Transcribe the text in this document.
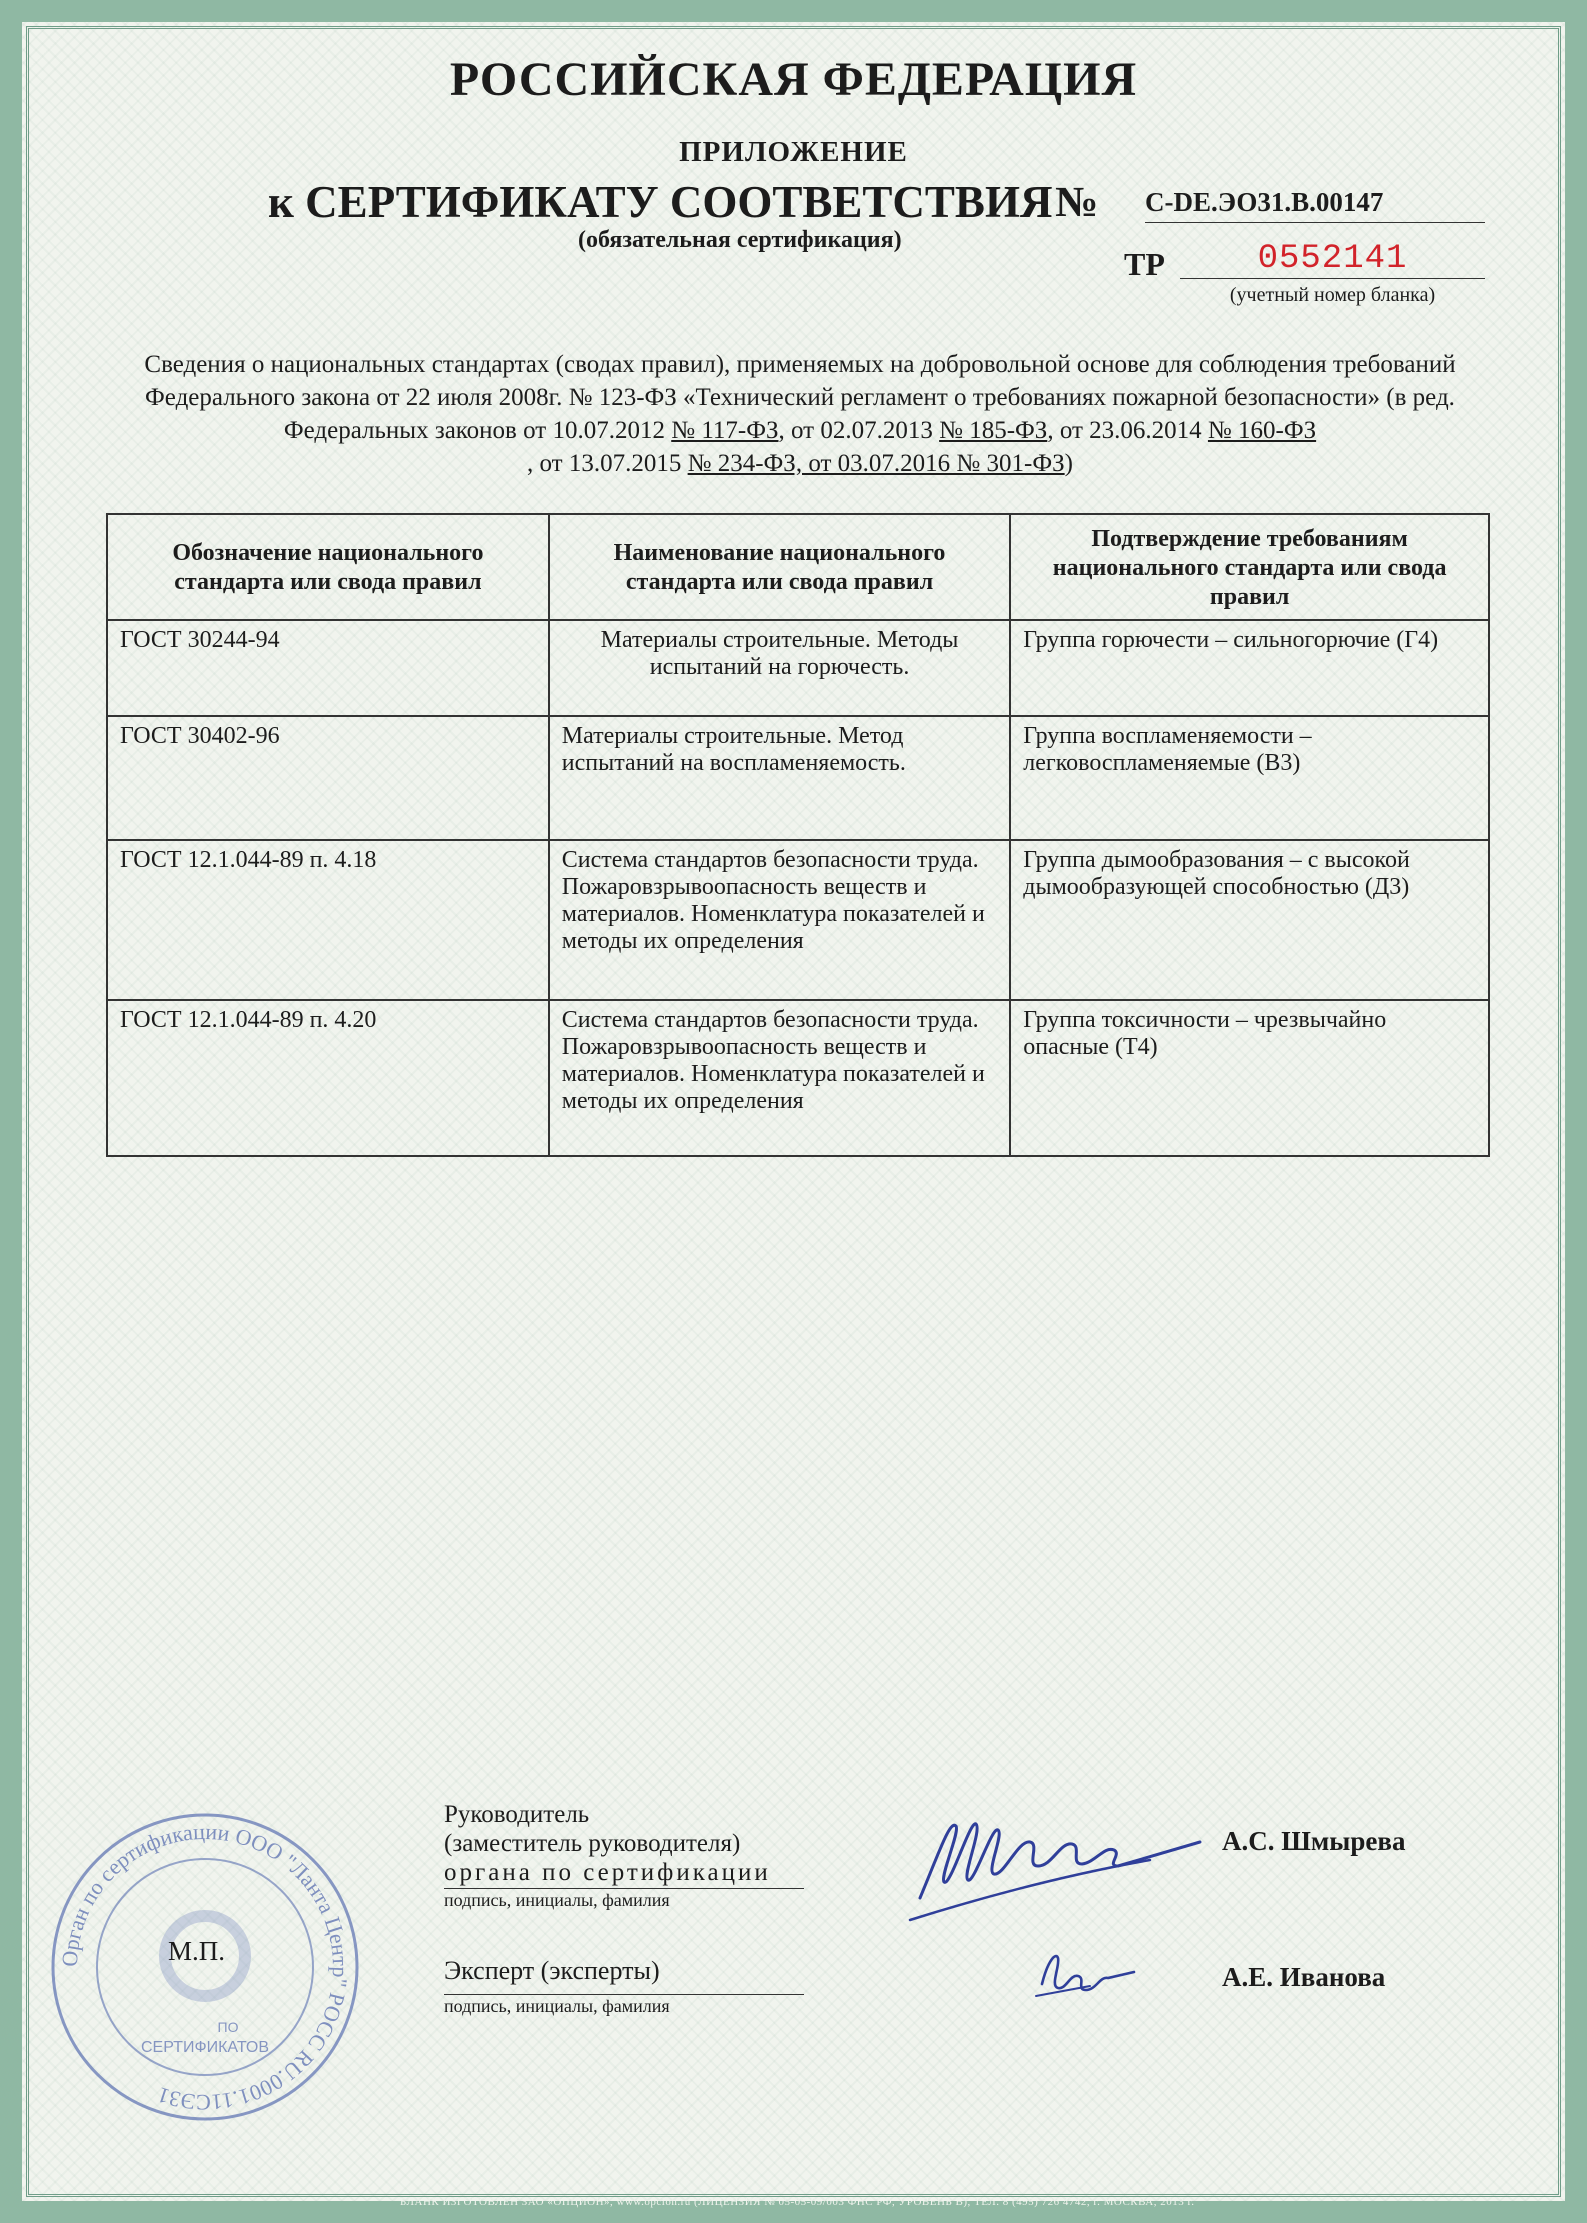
РОССИЙСКАЯ ФЕДЕРАЦИЯ
ПРИЛОЖЕНИЕ
к СЕРТИФИКАТУ СООТВЕТСТВИЯ № C-DE.ЭО31.В.00147
(обязательная сертификация)
ТР	0552141
(учетный номер бланка)
Сведения о национальных стандартах (сводах правил), применяемых на добровольной основе для соблюдения требований Федерального закона от 22 июля 2008г. № 123-ФЗ «Технический регламент о требованиях пожарной безопасности» (в ред. Федеральных законов от 10.07.2012 № 117-ФЗ, от 02.07.2013 № 185-ФЗ, от 23.06.2014 № 160-ФЗ
, от 13.07.2015 № 234-ФЗ, от 03.07.2016 № 301-ФЗ)
Обозначение национального стандарта или свода правил	Наименование национального стандарта или свода правил	Подтверждение требованиям национального стандарта или свода правил
ГОСТ 30244-94	Материалы строительные. Методы испытаний на горючесть.	Группа горючести – сильногорючие (Г4)
ГОСТ 30402-96	Материалы строительные. Метод испытаний на воспламеняемость.	Группа воспламеняемости – легковоспламеняемые (В3)
ГОСТ 12.1.044-89 п. 4.18	Система стандартов безопасности труда. Пожаровзрывоопасность веществ и материалов. Номенклатура показателей и методы их определения	Группа дымообразования – с высокой дымообразующей способностью (Д3)
ГОСТ 12.1.044-89 п. 4.20	Система стандартов безопасности труда. Пожаровзрывоопасность веществ и материалов. Номенклатура показателей и методы их определения	Группа токсичности – чрезвычайно опасные (Т4)
Орган по сертификации ООО "Ланта Центр" РОСС RU.0001.11СЭ31
ПО
СЕРТИФИКАТОВ
М.П.
Руководитель
(заместитель руководителя)
органа по сертификации
подпись, инициалы, фамилия
Эксперт (эксперты)
подпись, инициалы, фамилия
А.С. Шмырева
А.Е. Иванова
БЛАНК ИЗГОТОВЛЕН ЗАО «ОПЦИОН», www.opcion.ru (ЛИЦЕНЗИЯ № 05-05-09/003 ФНС РФ, УРОВЕНЬ В), ТЕЛ. 8 (495) 726 4742, г. МОСКВА, 2013 г.
